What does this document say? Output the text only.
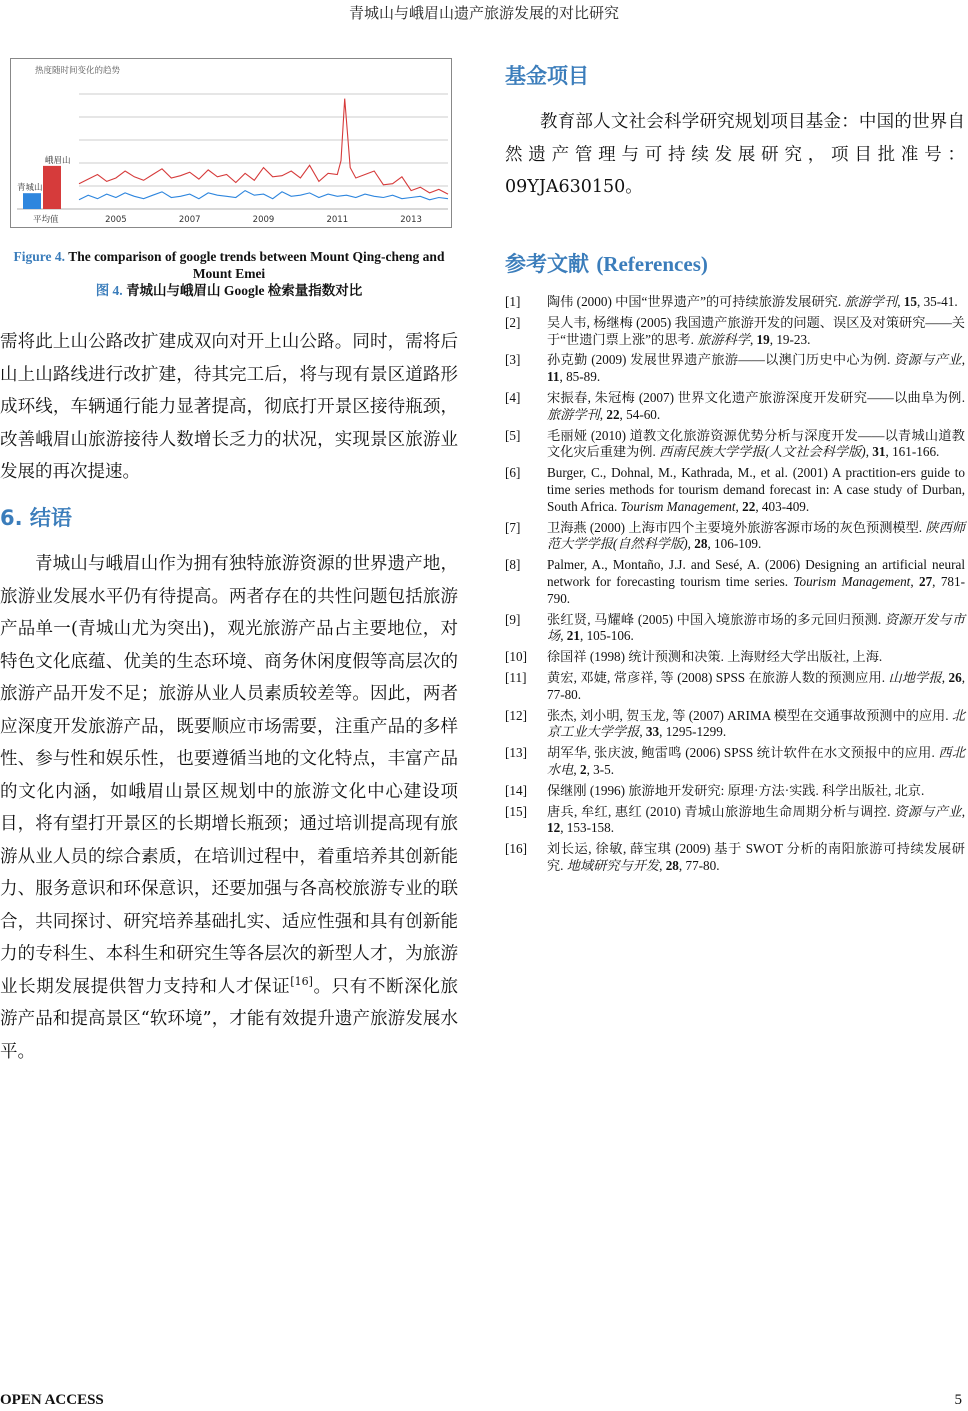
青城山与峨眉山遗产旅游发展的对比研究
热度随时间变化的趋势
青城山
峨眉山
平均值	2005	2007	2009	2011	2013
Figure 4. The comparison of google trends between Mount Qing-cheng and Mount Emei
图 4. 青城山与峨眉山 Google 检索量指数对比

需将此上山公路改扩建成双向对开上山公路。同时，需将后山上山路线进行改扩建，待其完工后，将与现有景区道路形成环线，车辆通行能力显著提高，彻底打开景区接待瓶颈，改善峨眉山旅游接待人数增长乏力的状况，实现景区旅游业发展的再次提速。

6. 结语

青城山与峨眉山作为拥有独特旅游资源的世界遗产地，旅游业发展水平仍有待提高。两者存在的共性问题包括旅游产品单一(青城山尤为突出)，观光旅游产品占主要地位，对特色文化底蕴、优美的生态环境、商务休闲度假等高层次的旅游产品开发不足；旅游从业人员素质较差等。因此，两者应深度开发旅游产品，既要顺应市场需要，注重产品的多样性、参与性和娱乐性，也要遵循当地的文化特点，丰富产品的文化内涵，如峨眉山景区规划中的旅游文化中心建设项目，将有望打开景区的长期增长瓶颈；通过培训提高现有旅游从业人员的综合素质，在培训过程中，着重培养其创新能力、服务意识和环保意识，还要加强与各高校旅游专业的联合，共同探讨、研究培养基础扎实、适应性强和具有创新能力的专科生、本科生和研究生等各层次的新型人才，为旅游业长期发展提供智力支持和人才保证[16]。只有不断深化旅游产品和提高景区“软环境”，才能有效提升遗产旅游发展水平。

基金项目

教育部人文社会科学研究规划项目基金：中国的世界自然遗产管理与可持续发展研究，项目批准号：09YJA630150。

参考文献 (References)
[1]	陶伟 (2000) 中国“世界遗产”的可持续旅游发展研究. 旅游学刊, 15, 35-41.
[2]	吴人韦, 杨继梅 (2005) 我国遗产旅游开发的问题、误区及对策研究——关于“世遗门票上涨”的思考. 旅游科学, 19, 19-23.
[3]	孙克勤 (2009) 发展世界遗产旅游——以澳门历史中心为例. 资源与产业, 11, 85-89.
[4]	宋振春, 朱冠梅 (2007) 世界文化遗产旅游深度开发研究——以曲阜为例. 旅游学刊, 22, 54-60.
[5]	毛丽娅 (2010) 道教文化旅游资源优势分析与深度开发——以青城山道教文化灾后重建为例. 西南民族大学学报(人文社会科学版), 31, 161-166.
[6]	Burger, C., Dohnal, M., Kathrada, M., et al. (2001) A practition-ers guide to time series methods for tourism demand forecast in: A case study of Durban, South Africa. Tourism Management, 22, 403-409.
[7]	卫海燕 (2000) 上海市四个主要境外旅游客源市场的灰色预测模型. 陕西师范大学学报(自然科学版), 28, 106-109.
[8]	Palmer, A., Montaño, J.J. and Sesé, A. (2006) Designing an artificial neural network for forecasting tourism time series. Tourism Management, 27, 781-790.
[9]	张红贤, 马耀峰 (2005) 中国入境旅游市场的多元回归预测. 资源开发与市场, 21, 105-106.
[10]	徐国祥 (1998) 统计预测和决策. 上海财经大学出版社, 上海.
[11]	黄宏, 邓婕, 常彦祥, 等 (2008) SPSS 在旅游人数的预测应用. 山地学报, 26, 77-80.
[12]	张杰, 刘小明, 贺玉龙, 等 (2007) ARIMA 模型在交通事故预测中的应用. 北京工业大学学报, 33, 1295-1299.
[13]	胡军华, 张庆波, 鲍雷鸣 (2006) SPSS 统计软件在水文预报中的应用. 西北水电, 2, 3-5.
[14]	保继刚 (1996) 旅游地开发研究: 原理·方法·实践. 科学出版社, 北京.
[15]	唐兵, 牟红, 惠红 (2010) 青城山旅游地生命周期分析与调控. 资源与产业, 12, 153-158.
[16]	刘长运, 徐敏, 薛宝琪 (2009) 基于 SWOT 分析的南阳旅游可持续发展研究. 地域研究与开发, 28, 77-80.
OPEN ACCESS	5
